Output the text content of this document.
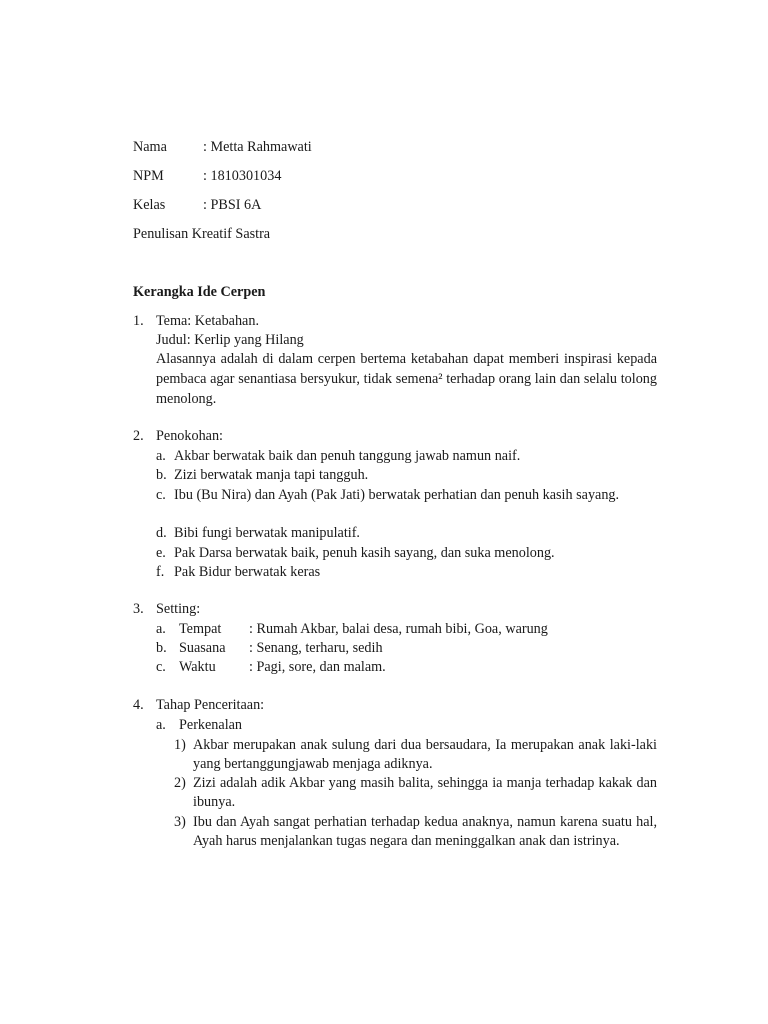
Nama	: Metta Rahmawati
NPM	: 1810301034
Kelas	: PBSI 6A
Penulisan Kreatif Sastra
Kerangka Ide Cerpen
1. Tema: Ketabahan.
Judul: Kerlip yang Hilang
Alasannya adalah di dalam cerpen bertema ketabahan dapat memberi inspirasi kepada pembaca agar senantiasa bersyukur, tidak semena² terhadap orang lain dan selalu tolong menolong.
2. Penokohan:
a. Akbar berwatak baik dan penuh tanggung jawab namun naif.
b. Zizi berwatak manja tapi tangguh.
c. Ibu (Bu Nira) dan Ayah (Pak Jati) berwatak perhatian dan penuh kasih sayang.
d. Bibi fungi berwatak manipulatif.
e. Pak Darsa berwatak baik, penuh kasih sayang, dan suka menolong.
f. Pak Bidur berwatak keras
3. Setting:
a. Tempat : Rumah Akbar, balai desa, rumah bibi, Goa, warung
b. Suasana : Senang, terharu, sedih
c. Waktu : Pagi, sore, dan malam.
4. Tahap Penceritaan:
a. Perkenalan
1) Akbar merupakan anak sulung dari dua bersaudara, Ia merupakan anak laki-laki yang bertanggungjawab menjaga adiknya.
2) Zizi adalah adik Akbar yang masih balita, sehingga ia manja terhadap kakak dan ibunya.
3) Ibu dan Ayah sangat perhatian terhadap kedua anaknya, namun karena suatu hal, Ayah harus menjalankan tugas negara dan meninggalkan anak dan istrinya.
